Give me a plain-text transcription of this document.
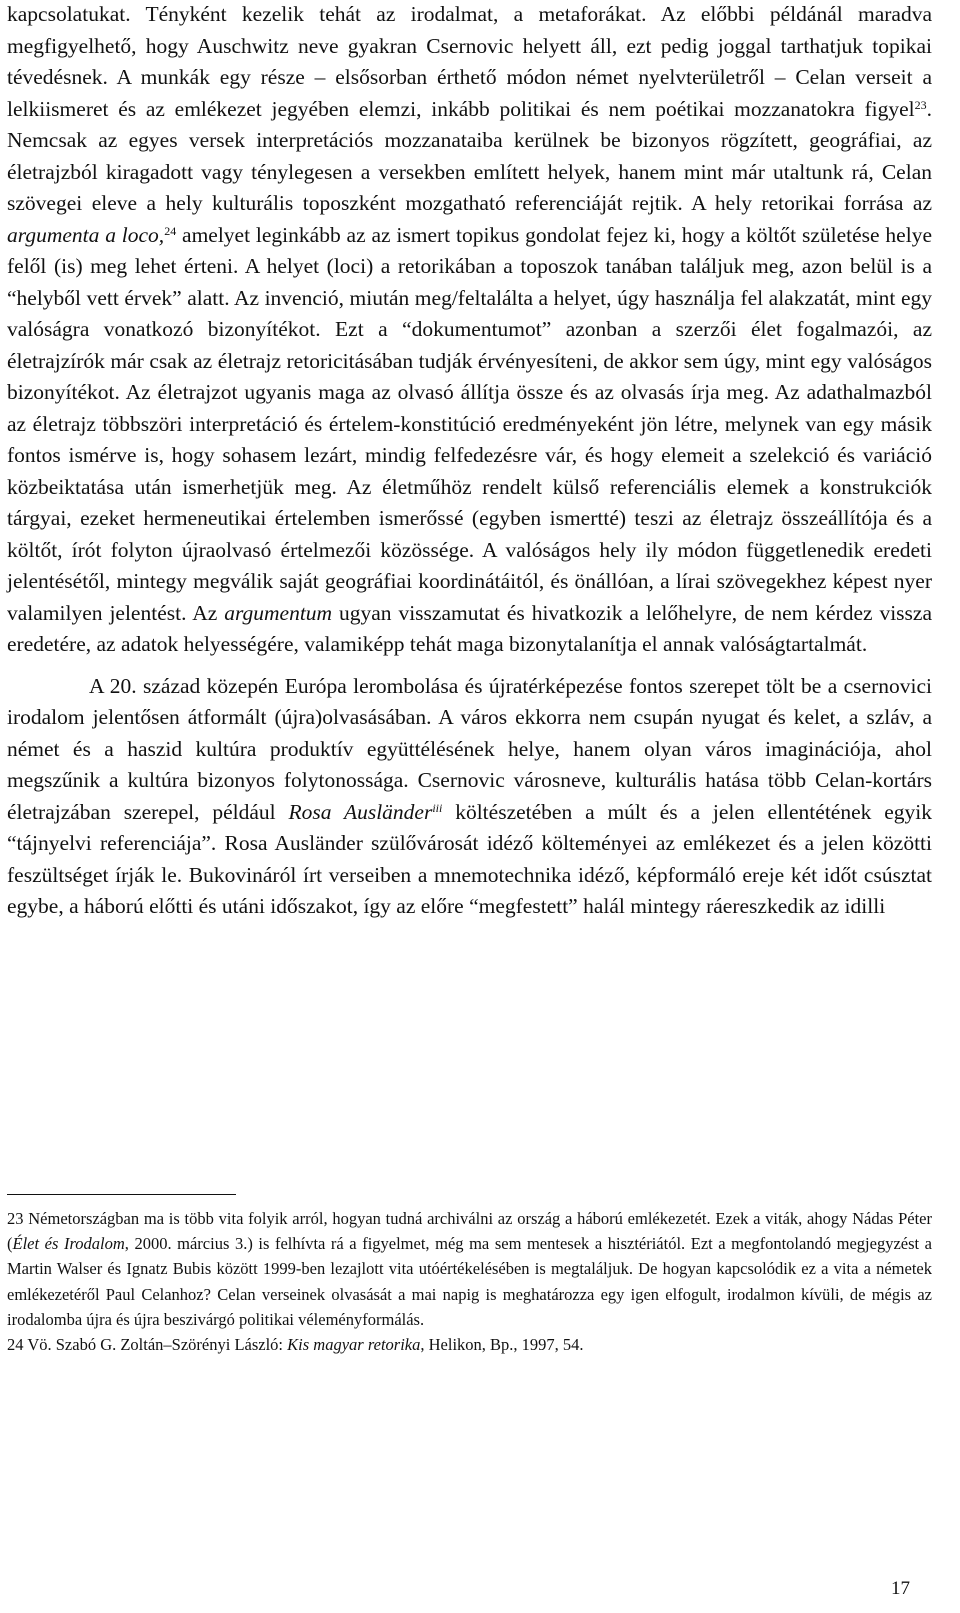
kapcsolatukat. Tényként kezelik tehát az irodalmat, a metaforákat. Az előbbi példánál maradva megfigyelhető, hogy Auschwitz neve gyakran Csernovic helyett áll, ezt pedig joggal tarthatjuk topikai tévedésnek. A munkák egy része – elsősorban érthető módon német nyelvterületről – Celan verseit a lelkiismeret és az emlékezet jegyében elemzi, inkább politikai és nem poétikai mozzanatokra figyel$^{23}$. Nemcsak az egyes versek interpretációs mozzanataiba kerülnek be bizonyos rögzített, geográfiai, az életrajzból kiragadott vagy ténylegesen a versekben említett helyek, hanem mint már utaltunk rá, Celan szövegei eleve a hely kulturális toposzként mozgatható referenciáját rejtik. A hely retorikai forrása az argumenta a loco,$^{24}$ amelyet leginkább az az ismert topikus gondolat fejez ki, hogy a költőt születése helye felől (is) meg lehet érteni. A helyet (loci) a retorikában a toposzok tanában találjuk meg, azon belül is a “helyből vett érvek” alatt. Az invenció, miután meg/feltalálta a helyet, úgy használja fel alakzatát, mint egy valóságra vonatkozó bizonyítékot. Ezt a “dokumentumot” azonban a szerzői élet fogalmazói, az életrajzírók már csak az életrajz retoricitásában tudják érvényesíteni, de akkor sem úgy, mint egy valóságos bizonyítékot. Az életrajzot ugyanis maga az olvasó állítja össze és az olvasás írja meg. Az adathalmazból az életrajz többszöri interpretáció és értelem-konstitúció eredményeként jön létre, melynek van egy másik fontos ismérve is, hogy sohasem lezárt, mindig felfedezésre vár, és hogy elemeit a szelekció és variáció közbeiktatása után ismerhetjük meg. Az életműhöz rendelt külső referenciális elemek a konstrukciók tárgyai, ezeket hermeneutikai értelemben ismerőssé (egyben ismertté) teszi az életrajz összeállítója és a költőt, írót folyton újraolvasó értelmezői közössége. A valóságos hely ily módon függetlenedik eredeti jelentésétől, mintegy megválik saját geográfiai koordinátáitól, és önállóan, a lírai szövegekhez képest nyer valamilyen jelentést. Az argumentum ugyan visszamutat és hivatkozik a lelőhelyre, de nem kérdez vissza eredetére, az adatok helyességére, valamiképp tehát maga bizonytalanítja el annak valóságtartalmát.

A 20. század közepén Európa lerombolása és újratérképezése fontos szerepet tölt be a csernovici irodalom jelentősen átformált (újra)olvasásában. A város ekkorra nem csupán nyugat és kelet, a szláv, a német és a haszid kultúra produktív együttélésének helye, hanem olyan város imaginációja, ahol megszűnik a kultúra bizonyos folytonossága. Csernovic városneve, kulturális hatása több Celan-kortárs életrajzában szerepel, például Rosa Ausländer$^{iii}$ költészetében a múlt és a jelen ellentétének egyik “tájnyelvi referenciája”. Rosa Ausländer szülővárosát idéző költeményei az emlékezet és a jelen közötti feszültséget írják le. Bukovináról írt verseiben a mnemotechnika idéző, képformáló ereje két időt csúsztat egybe, a háború előtti és utáni időszakot, így az előre “megfestett” halál mintegy ráereszkedik az idilli

23 Németországban ma is több vita folyik arról, hogyan tudná archiválni az ország a háború emlékezetét. Ezek a viták, ahogy Nádas Péter (Élet és Irodalom, 2000. március 3.) is felhívta rá a figyelmet, még ma sem mentesek a hisztériától. Ezt a megfontolandó megjegyzést a Martin Walser és Ignatz Bubis között 1999-ben lezajlott vita utóértékelésében is megtaláljuk. De hogyan kapcsolódik ez a vita a németek emlékezetéről Paul Celanhoz? Celan verseinek olvasását a mai napig is meghatározza egy igen elfogult, irodalmon kívüli, de mégis az irodalomba újra és újra beszivárgó politikai véleményformálás.

24 Vö. Szabó G. Zoltán–Szörényi László: Kis magyar retorika, Helikon, Bp., 1997, 54.

17
